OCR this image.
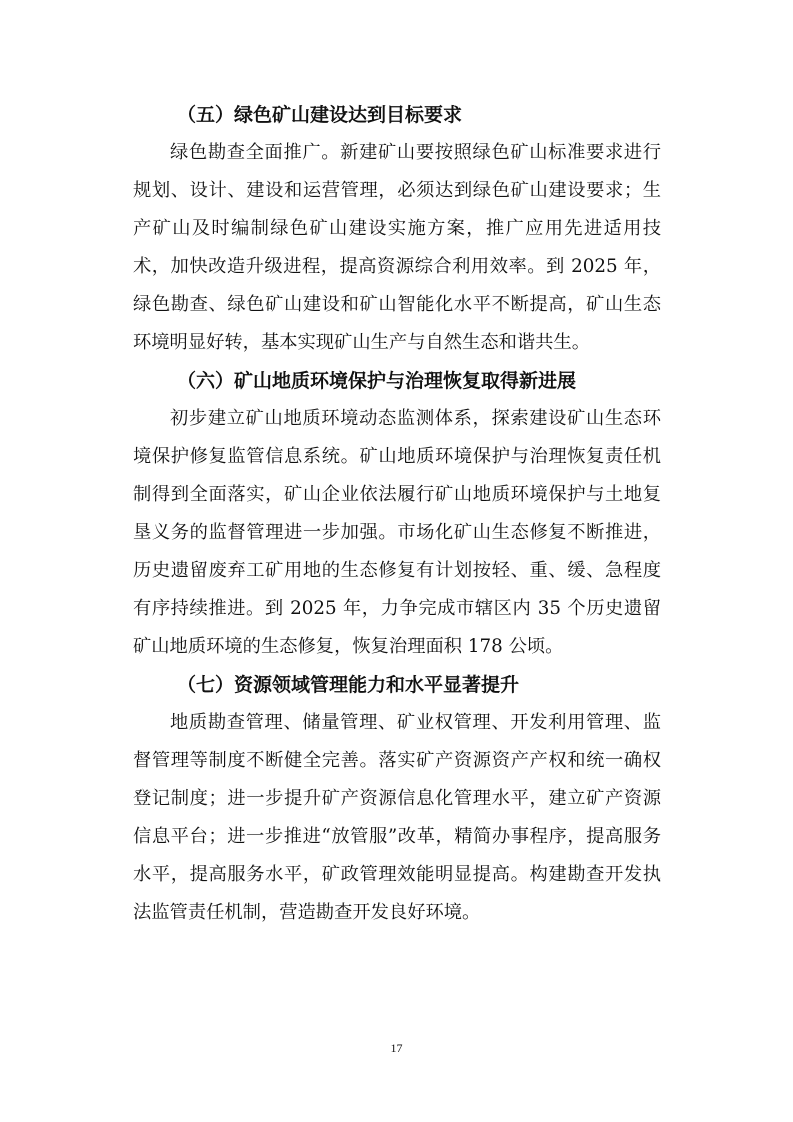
（五）绿色矿山建设达到目标要求

绿色勘查全面推广。新建矿山要按照绿色矿山标准要求进行规划、设计、建设和运营管理，必须达到绿色矿山建设要求；生产矿山及时编制绿色矿山建设实施方案，推广应用先进适用技术，加快改造升级进程，提高资源综合利用效率。到 2025 年，绿色勘查、绿色矿山建设和矿山智能化水平不断提高，矿山生态环境明显好转，基本实现矿山生产与自然生态和谐共生。

（六）矿山地质环境保护与治理恢复取得新进展

初步建立矿山地质环境动态监测体系，探索建设矿山生态环境保护修复监管信息系统。矿山地质环境保护与治理恢复责任机制得到全面落实，矿山企业依法履行矿山地质环境保护与土地复垦义务的监督管理进一步加强。市场化矿山生态修复不断推进，历史遗留废弃工矿用地的生态修复有计划按轻、重、缓、急程度有序持续推进。到 2025 年，力争完成市辖区内 35 个历史遗留矿山地质环境的生态修复，恢复治理面积 178 公顷。

（七）资源领域管理能力和水平显著提升

地质勘查管理、储量管理、矿业权管理、开发利用管理、监督管理等制度不断健全完善。落实矿产资源资产产权和统一确权登记制度；进一步提升矿产资源信息化管理水平，建立矿产资源信息平台；进一步推进“放管服”改革，精简办事程序，提高服务水平，提高服务水平，矿政管理效能明显提高。构建勘查开发执法监管责任机制，营造勘查开发良好环境。

17
